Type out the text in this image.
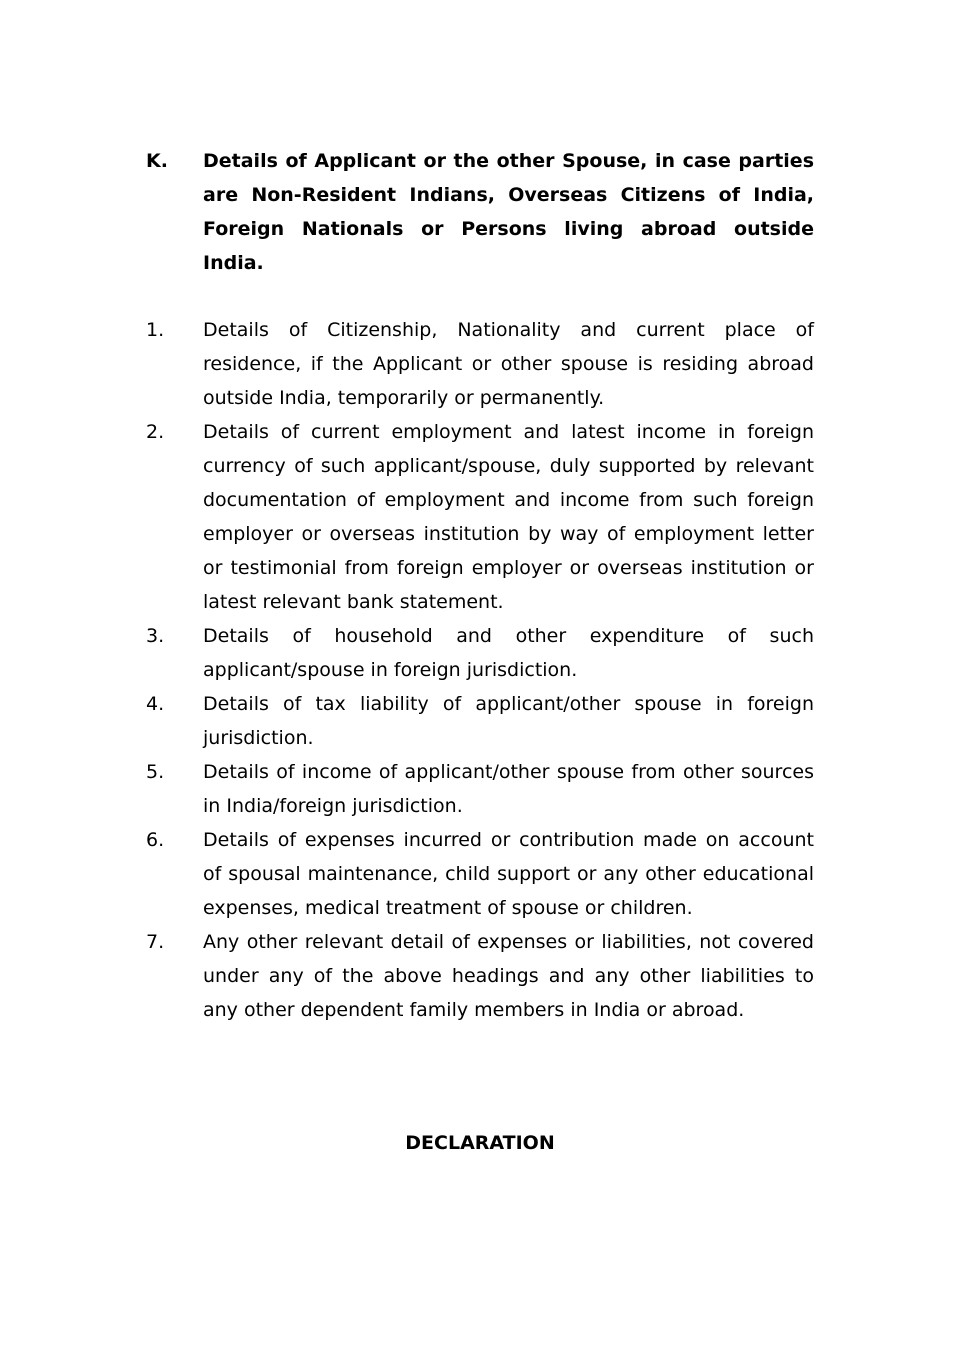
K.	Details of Applicant or the other Spouse, in case parties are Non-Resident Indians, Overseas Citizens of India, Foreign Nationals or Persons living abroad outside India.
1.	Details of Citizenship, Nationality and current place of residence, if the Applicant or other spouse is residing abroad outside India, temporarily or permanently.
2.	Details of current employment and latest income in foreign currency of such applicant/spouse, duly supported by relevant documentation of employment and income from such foreign employer or overseas institution by way of employment letter or testimonial from foreign employer or overseas institution or latest relevant bank statement.
3.	Details of household and other expenditure of such applicant/spouse in foreign jurisdiction.
4.	Details of tax liability of applicant/other spouse in foreign jurisdiction.
5.	Details of income of applicant/other spouse from other sources in India/foreign jurisdiction.
6.	Details of expenses incurred or contribution made on account of spousal maintenance, child support or any other educational expenses, medical treatment of spouse or children.
7.	Any other relevant detail of expenses or liabilities, not covered under any of the above headings and any other liabilities to any other dependent family members in India or abroad.
DECLARATION
